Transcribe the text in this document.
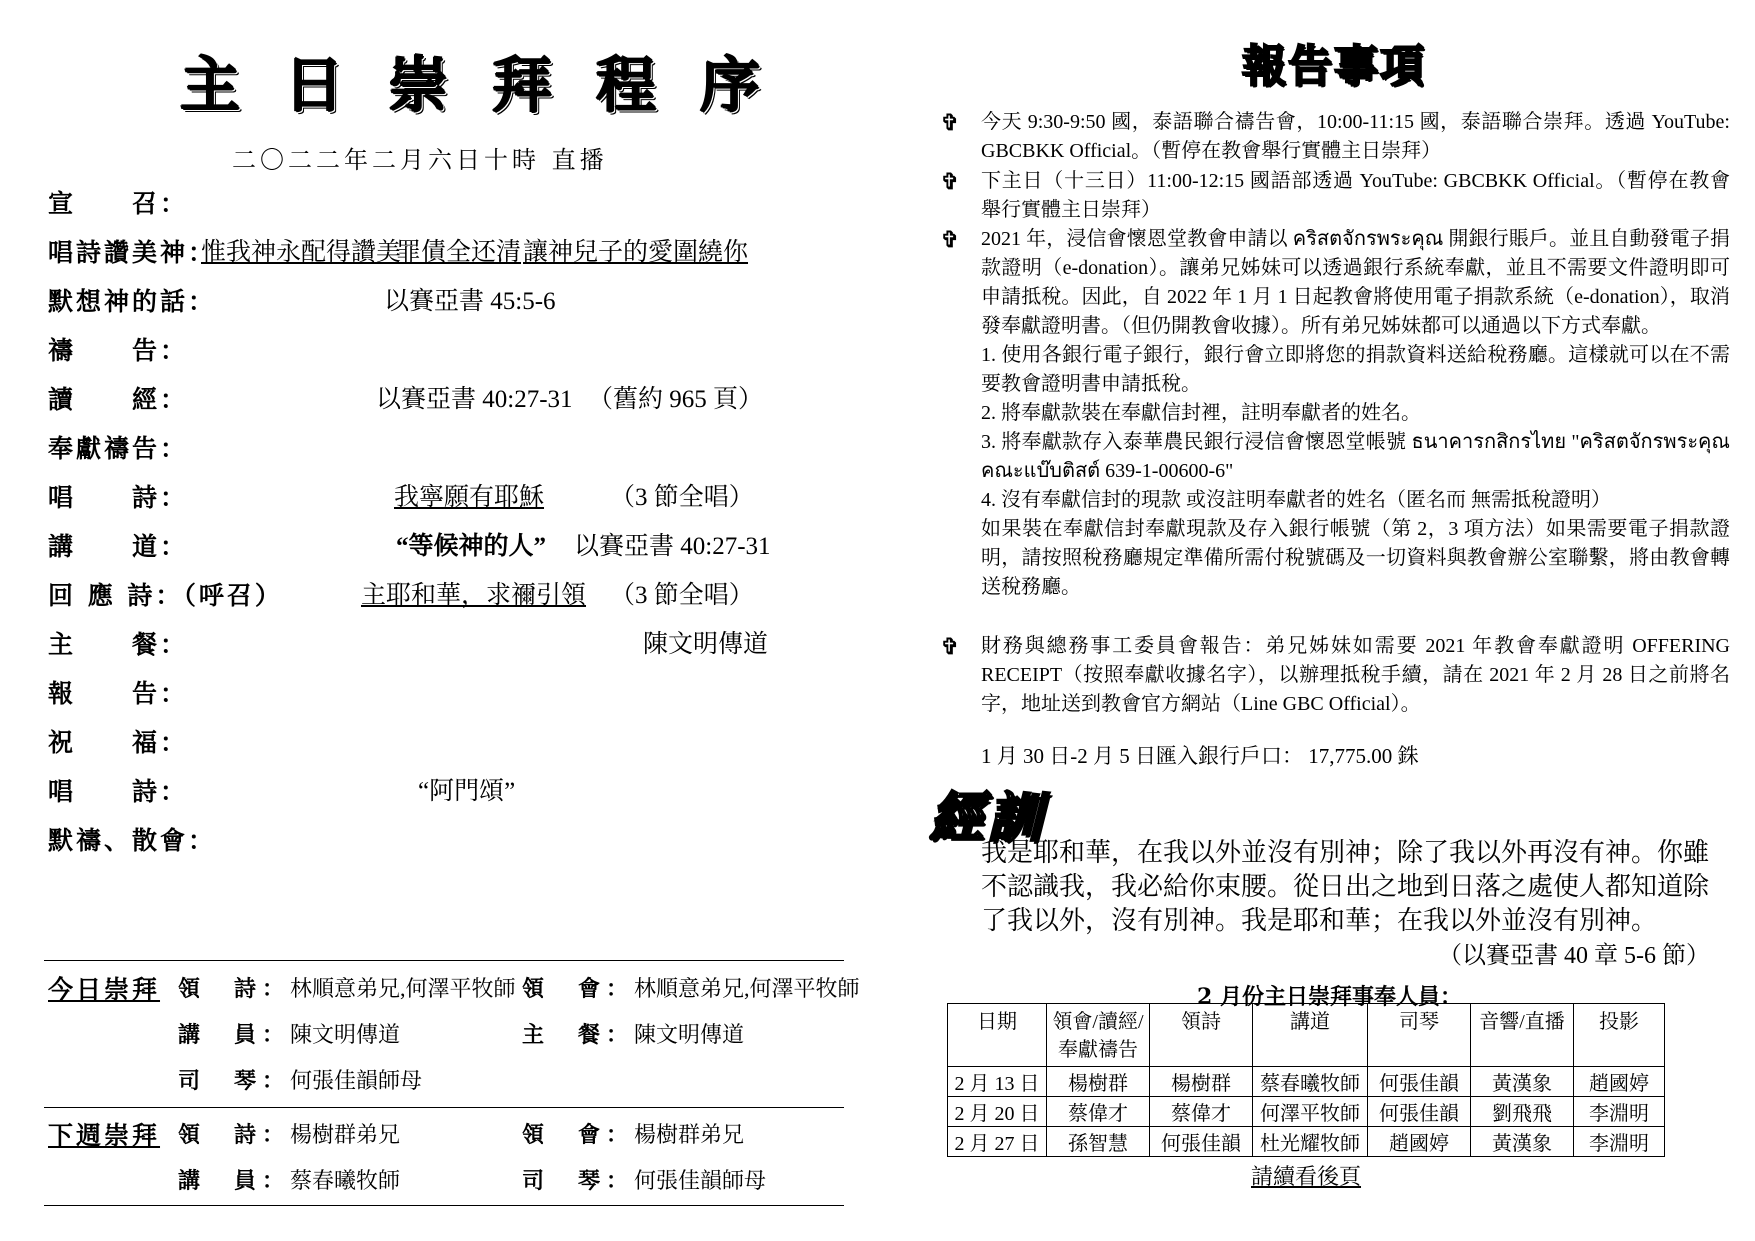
主日崇拜程序
二〇二二年二月六日十時 直播
宣　　召：
唱詩讚美神：
惟我神永配得讚美
罪債全还清 讓神兒子的愛圍繞你
默想神的話：	以賽亞書 45:5-6
禱　　告：
讀　　經：	以賽亞書 40:27-31 （舊約 965 頁）
奉獻禱告：
唱　　詩：	我寧願有耶穌	（3 節全唱）
講　　道：	“等候神的人” 以賽亞書 40:27-31
回 應 詩：（呼召）	主耶和華，求禰引領 （3 節全唱）
主　　餐：	陳文明傳道
報　　告：
祝　　福：
唱　　詩：	“阿門頌”
默禱、散會：
今日崇拜 領　詩：林順意弟兄,何澤平牧師 領　會：林順意弟兄,何澤平牧師
講　員：陳文明傳道	主　餐：陳文明傳道
司　琴：何張佳韻師母
下週崇拜 領　詩：楊樹群弟兄	領　會：楊樹群弟兄
講　員：蔡春曦牧師	司　琴：何張佳韻師母
報告事項
✞	今天 9:30-9:50 國，泰語聯合禱告會，10:00-11:15 國，泰語聯合崇拜。透過 YouTube: GBCBKK Official。（暫停在教會舉行實體主日崇拜）
✞	下主日（十三日）11:00-12:15 國語部透過 YouTube: GBCBKK Official。（暫停在教會舉行實體主日崇拜）
✞	2021 年，浸信會懷恩堂教會申請以 คริสตจักรพระคุณ 開銀行賬戶。並且自動發電子捐款證明（e-donation）。讓弟兄姊妹可以透過銀行系統奉獻，並且不需要文件證明即可申請抵稅。因此，自 2022 年 1 月 1 日起教會將使用電子捐款系統（e-donation），取消發奉獻證明書。（但仍開教會收據）。所有弟兄姊妹都可以通過以下方式奉獻。
1. 使用各銀行電子銀行，銀行會立即將您的捐款資料送給稅務廳。這樣就可以在不需要教會證明書申請抵稅。
2. 將奉獻款裝在奉獻信封裡，註明奉獻者的姓名。
3. 將奉獻款存入泰華農民銀行浸信會懷恩堂帳號 ธนาคารกสิกรไทย "คริสตจักรพระคุณ คณะแบ๊บติสต์ 639-1-00600-6"
4. 沒有奉獻信封的現款 或沒註明奉獻者的姓名（匿名而 無需抵稅證明）
如果裝在奉獻信封奉獻現款及存入銀行帳號（第 2，3 項方法）如果需要電子捐款證明，請按照稅務廳規定準備所需付稅號碼及一切資料與教會辦公室聯繫，將由教會轉送稅務廳。
✞	財務與總務事工委員會報告：弟兄姊妹如需要 2021 年教會奉獻證明 OFFERING RECEIPT（按照奉獻收據名字），以辦理抵稅手續，請在 2021 年 2 月 28 日之前將名字，地址送到教會官方網站（Line GBC Official）。
1 月 30 日-2 月 5 日匯入銀行戶口： 17,775.00 銖
經訓
我是耶和華，在我以外並沒有別神；除了我以外再沒有神。你雖不認識我，我必給你束腰。從日出之地到日落之處使人都知道除了我以外，沒有別神。我是耶和華；在我以外並沒有別神。
（以賽亞書 40 章 5-6 節）
2 月份主日崇拜事奉人員：
日期	領會/讀經/奉獻禱告	領詩	講道	司琴	音響/直播	投影
2 月 13 日	楊樹群	楊樹群	蔡春曦牧師	何張佳韻	黃漢象	趙國婷
2 月 20 日	蔡偉才	蔡偉才	何澤平牧師	何張佳韻	劉飛飛	李淵明
2 月 27 日	孫智慧	何張佳韻	杜光耀牧師	趙國婷	黃漢象	李淵明
請續看後頁
